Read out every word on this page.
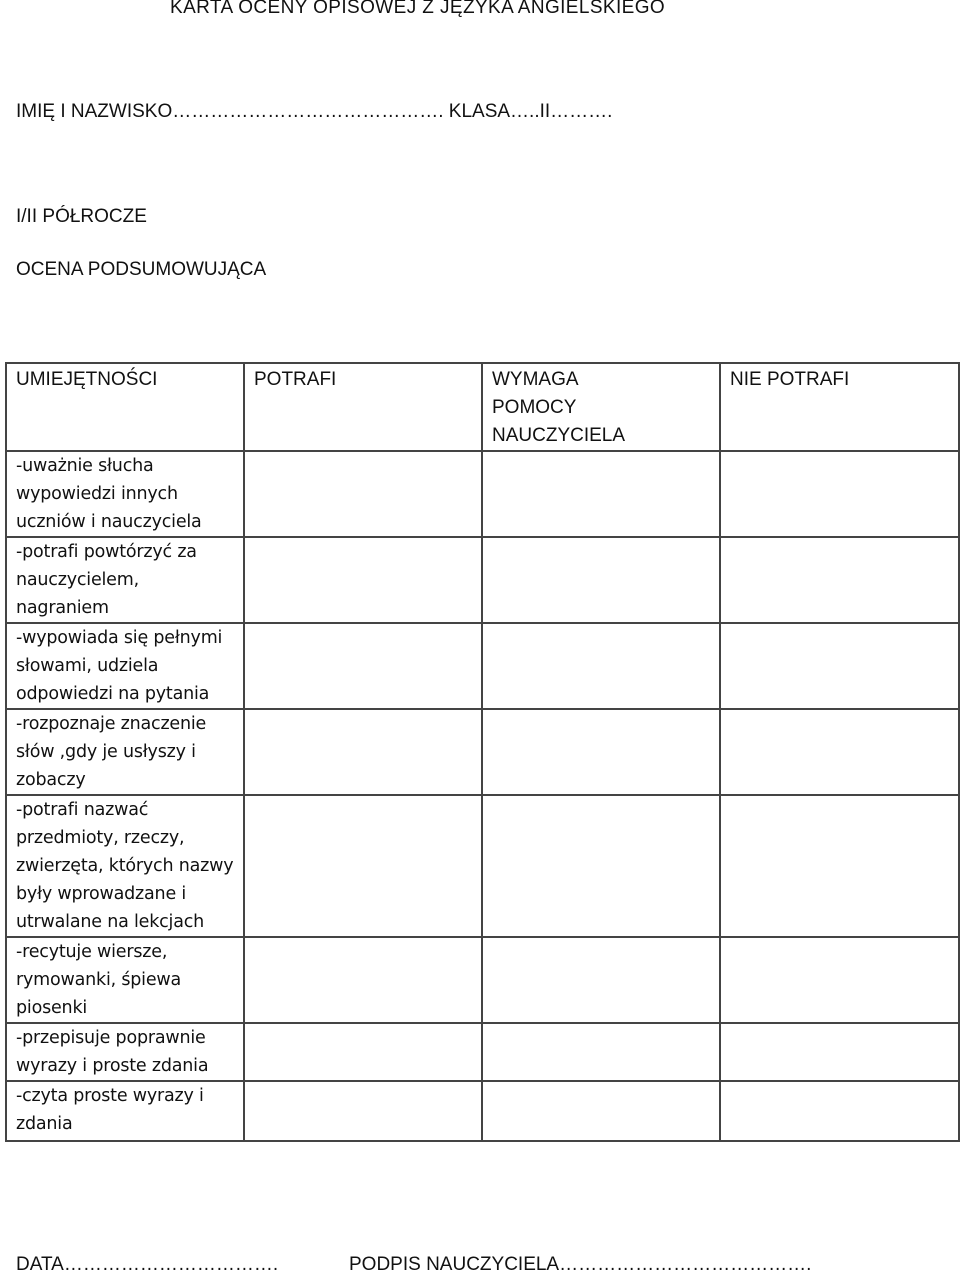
KARTA OCENY OPISOWEJ Z JĘZYKA ANGIELSKIEGO
IMIĘ I NAZWISKO……………………………………. KLASA…..II……….
I/II PÓŁROCZE
OCENA PODSUMOWUJĄCA
UMIEJĘTNOŚCI	POTRAFI	WYMAGA POMOCY NAUCZYCIELA	NIE POTRAFI
-uważnie słucha wypowiedzi innych uczniów i nauczyciela			
-potrafi powtórzyć za nauczycielem, nagraniem			
-wypowiada się pełnymi słowami, udziela odpowiedzi na pytania			
-rozpoznaje znaczenie słów ,gdy je usłyszy i zobaczy			
-potrafi nazwać przedmioty, rzeczy, zwierzęta, których nazwy były wprowadzane i utrwalane na lekcjach			
-recytuje wiersze, rymowanki, śpiewa piosenki			
-przepisuje poprawnie wyrazy i proste zdania			
-czyta proste wyrazy i zdania			
DATA…………………………….	PODPIS NAUCZYCIELA………………………………….
